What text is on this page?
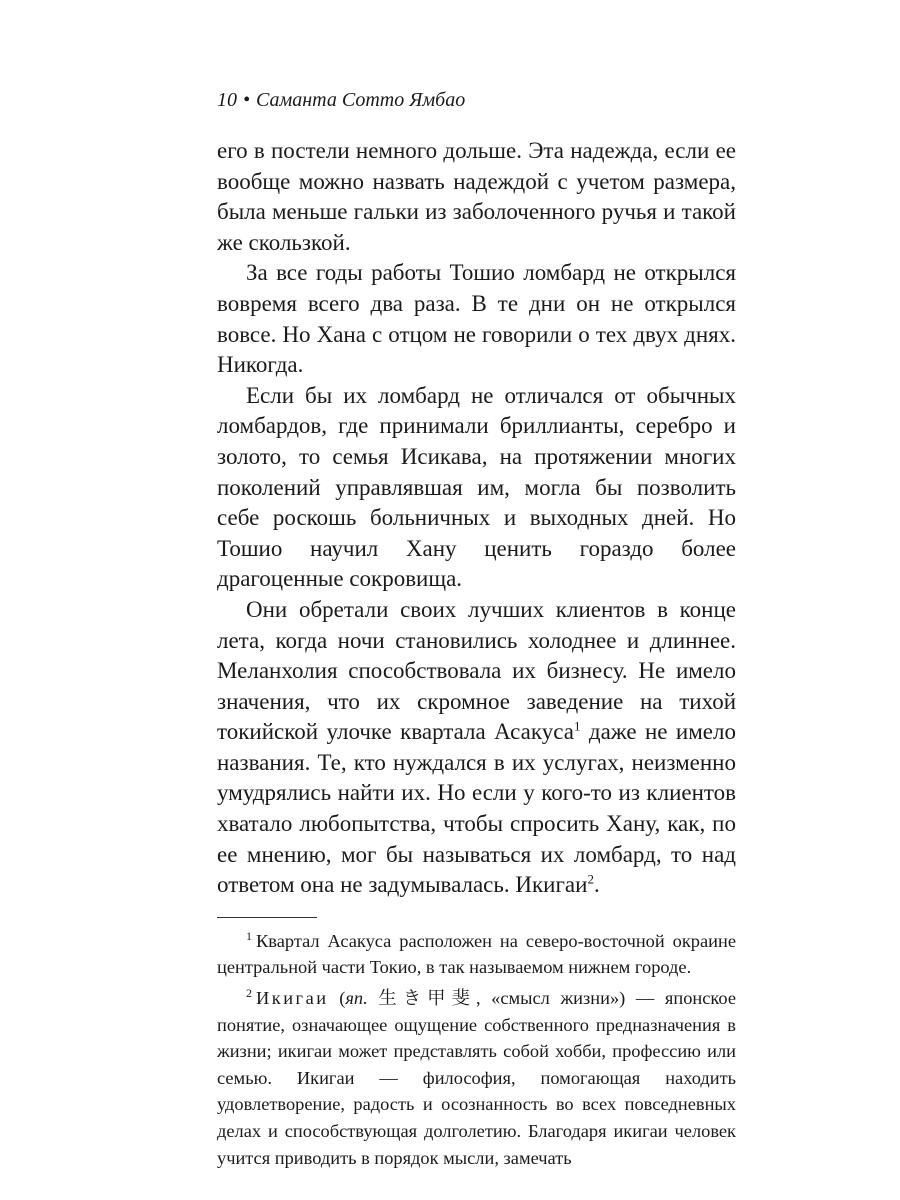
10 • Саманта Сотто Ямбао

его в постели немного дольше. Эта надежда, если ее вообще можно назвать надеждой с учетом размера, была меньше гальки из заболоченного ручья и такой же скользкой.

За все годы работы Тошио ломбард не открылся вовремя всего два раза. В те дни он не открылся вовсе. Но Хана с отцом не говорили о тех двух днях. Никогда.

Если бы их ломбард не отличался от обычных ломбардов, где принимали бриллианты, серебро и золото, то семья Исикава, на протяжении многих поколений управлявшая им, могла бы позволить себе роскошь больничных и выходных дней. Но Тошио научил Хану ценить гораздо более драгоценные сокровища.

Они обретали своих лучших клиентов в конце лета, когда ночи становились холоднее и длиннее. Меланхолия способствовала их бизнесу. Не имело значения, что их скромное заведение на тихой токийской улочке квартала Асакуса$^1$ даже не имело названия. Те, кто нуждался в их услугах, неизменно умудрялись найти их. Но если у кого-то из клиентов хватало любопытства, чтобы спросить Хану, как, по ее мнению, мог бы называться их ломбард, то над ответом она не задумывалась. Икигаи$^2$.

$^1$ Квартал Асакуса расположен на северо-восточной окраине центральной части Токио, в так называемом нижнем городе.

$^2$ Икигаи (яп. 生き甲斐, «смысл жизни») — японское понятие, означающее ощущение собственного предназначения в жизни; икигаи может представлять собой хобби, профессию или семью. Икигаи — философия, помогающая находить удовлетворение, радость и осознанность во всех повседневных делах и способствующая долголетию. Благодаря икигаи человек учится приводить в порядок мысли, замечать
